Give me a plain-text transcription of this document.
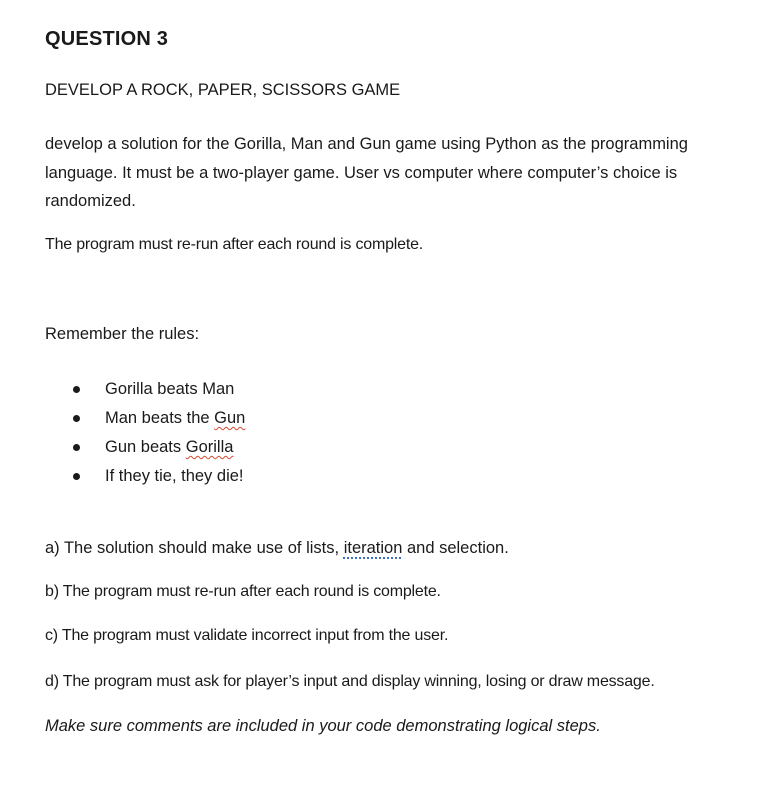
QUESTION 3

DEVELOP A ROCK, PAPER, SCISSORS GAME

develop a solution for the Gorilla, Man and Gun game using Python as the programming language. It must be a two-player game. User vs computer where computer’s choice is randomized.

The program must re-run after each round is complete.

Remember the rules:

Gorilla beats Man
Man beats the Gun
Gun beats Gorilla
If they tie, they die!

a) The solution should make use of lists, iteration and selection.

b) The program must re-run after each round is complete.

c) The program must validate incorrect input from the user.

d) The program must ask for player’s input and display winning, losing or draw message.

Make sure comments are included in your code demonstrating logical steps.
